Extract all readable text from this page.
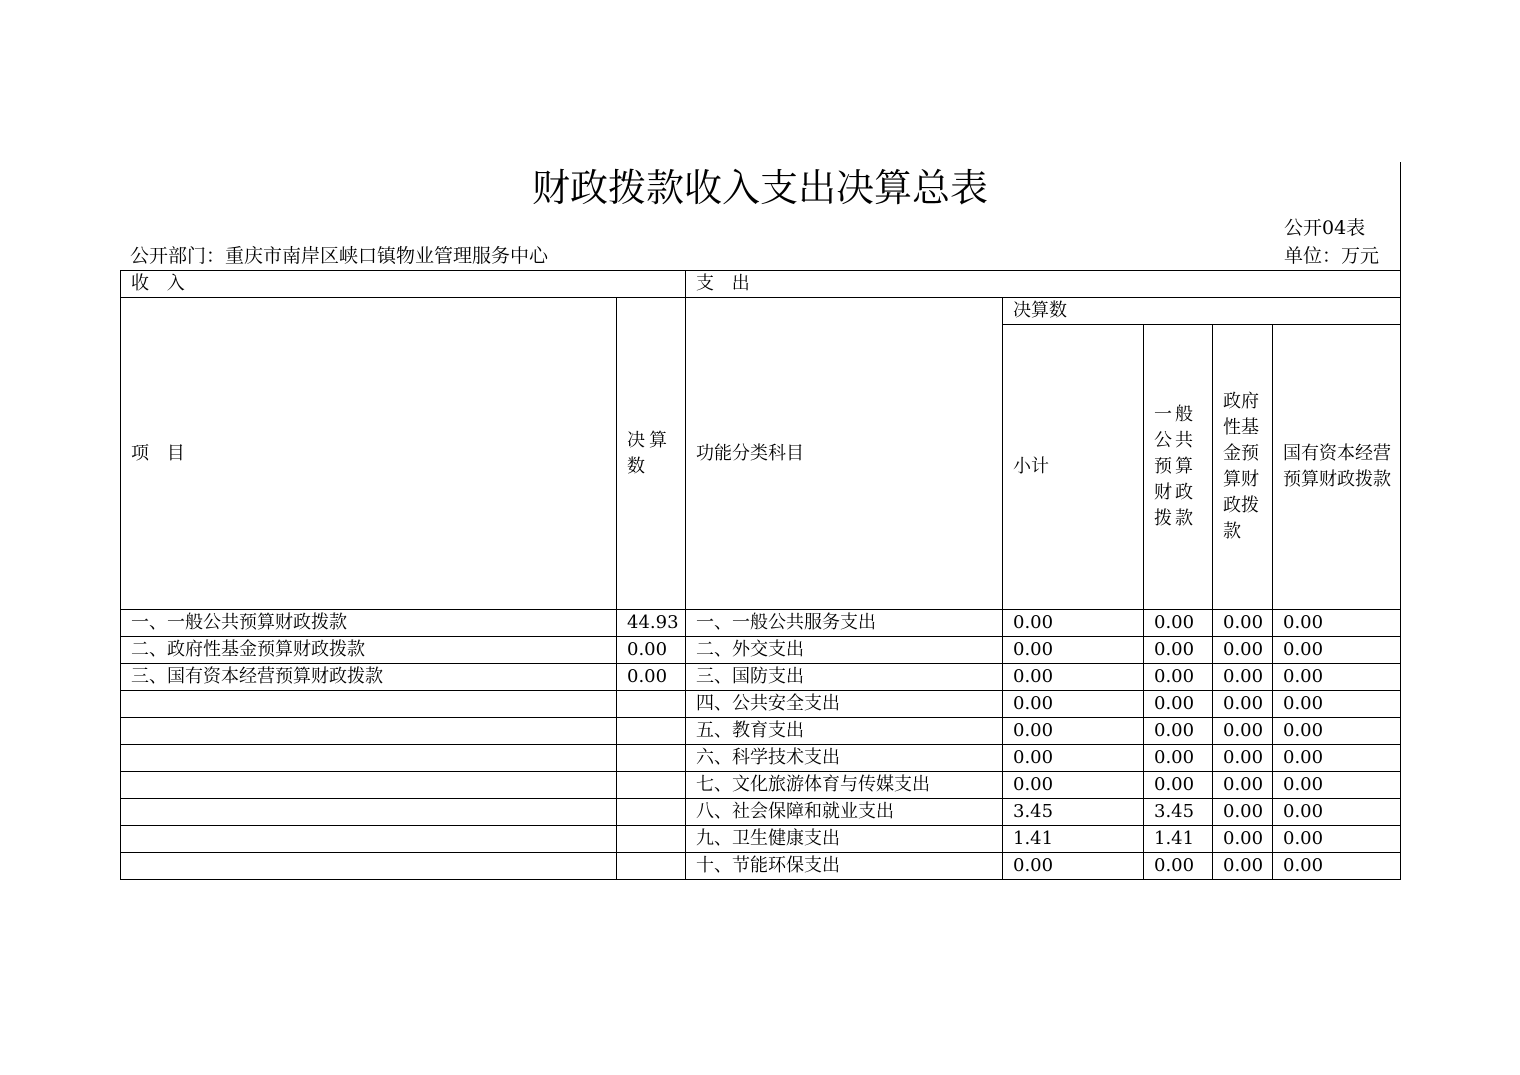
财政拨款收入支出决算总表
公开04表
公开部门：重庆市南岸区峡口镇物业管理服务中心	单位：万元
收 入		支 出				
项 目	决算数	功能分类科目	决算数			
			小计	一般公共预算财政拨款	政府性基金预算财政拨款	国有资本经营预算财政拨款
一、一般公共预算财政拨款	44.93	一、一般公共服务支出	0.00	0.00	0.00	0.00
二、政府性基金预算财政拨款	0.00	二、外交支出	0.00	0.00	0.00	0.00
三、国有资本经营预算财政拨款	0.00	三、国防支出	0.00	0.00	0.00	0.00
		四、公共安全支出	0.00	0.00	0.00	0.00
		五、教育支出	0.00	0.00	0.00	0.00
		六、科学技术支出	0.00	0.00	0.00	0.00
		七、文化旅游体育与传媒支出	0.00	0.00	0.00	0.00
		八、社会保障和就业支出	3.45	3.45	0.00	0.00
		九、卫生健康支出	1.41	1.41	0.00	0.00
		十、节能环保支出	0.00	0.00	0.00	0.00
